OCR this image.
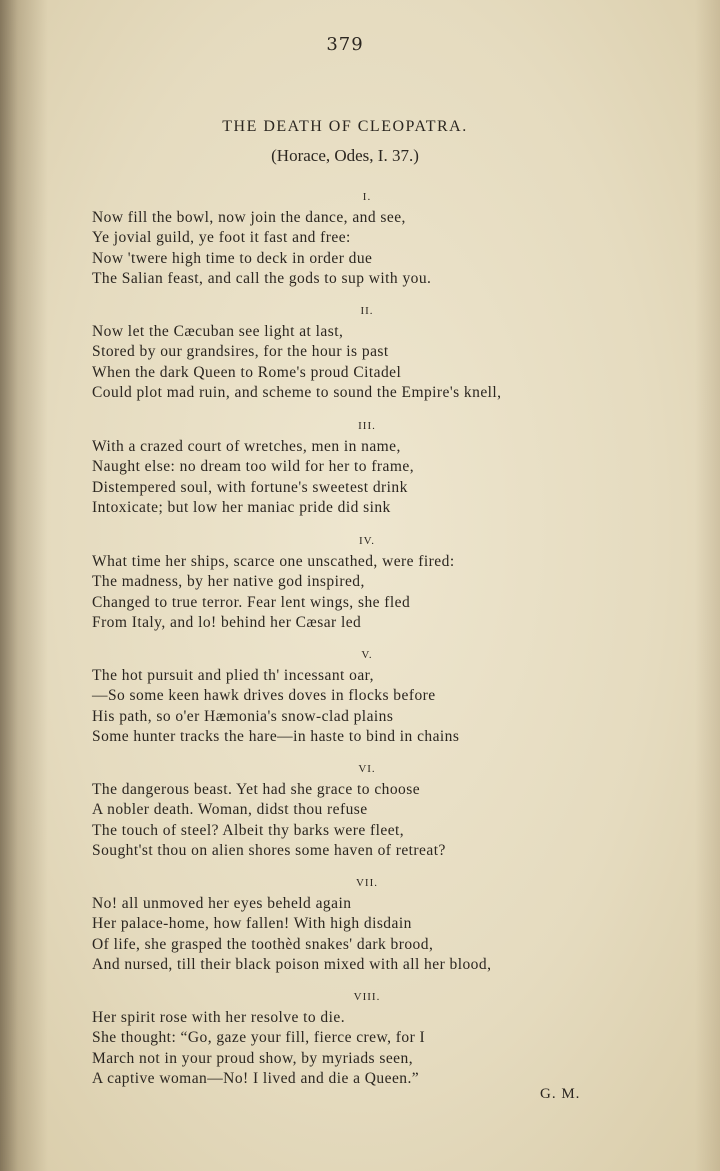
379
THE DEATH OF CLEOPATRA.
(Horace, Odes, I. 37.)
I.
Now fill the bowl, now join the dance, and see,
Ye jovial guild, ye foot it fast and free:
Now 'twere high time to deck in order due
The Salian feast, and call the gods to sup with you.
II.
Now let the Cæcuban see light at last,
Stored by our grandsires, for the hour is past
When the dark Queen to Rome's proud Citadel
Could plot mad ruin, and scheme to sound the Empire's knell,
III.
With a crazed court of wretches, men in name,
Naught else: no dream too wild for her to frame,
Distempered soul, with fortune's sweetest drink
Intoxicate; but low her maniac pride did sink
IV.
What time her ships, scarce one unscathed, were fired:
The madness, by her native god inspired,
Changed to true terror. Fear lent wings, she fled
From Italy, and lo! behind her Cæsar led
V.
The hot pursuit and plied th' incessant oar,
—So some keen hawk drives doves in flocks before
His path, so o'er Hæmonia's snow-clad plains
Some hunter tracks the hare—in haste to bind in chains
VI.
The dangerous beast. Yet had she grace to choose
A nobler death. Woman, didst thou refuse
The touch of steel? Albeit thy barks were fleet,
Sought'st thou on alien shores some haven of retreat?
VII.
No! all unmoved her eyes beheld again
Her palace-home, how fallen! With high disdain
Of life, she grasped the toothèd snakes' dark brood,
And nursed, till their black poison mixed with all her blood,
VIII.
Her spirit rose with her resolve to die.
She thought: “Go, gaze your fill, fierce crew, for I
March not in your proud show, by myriads seen,
A captive woman—No! I lived and die a Queen.”
G. M.
